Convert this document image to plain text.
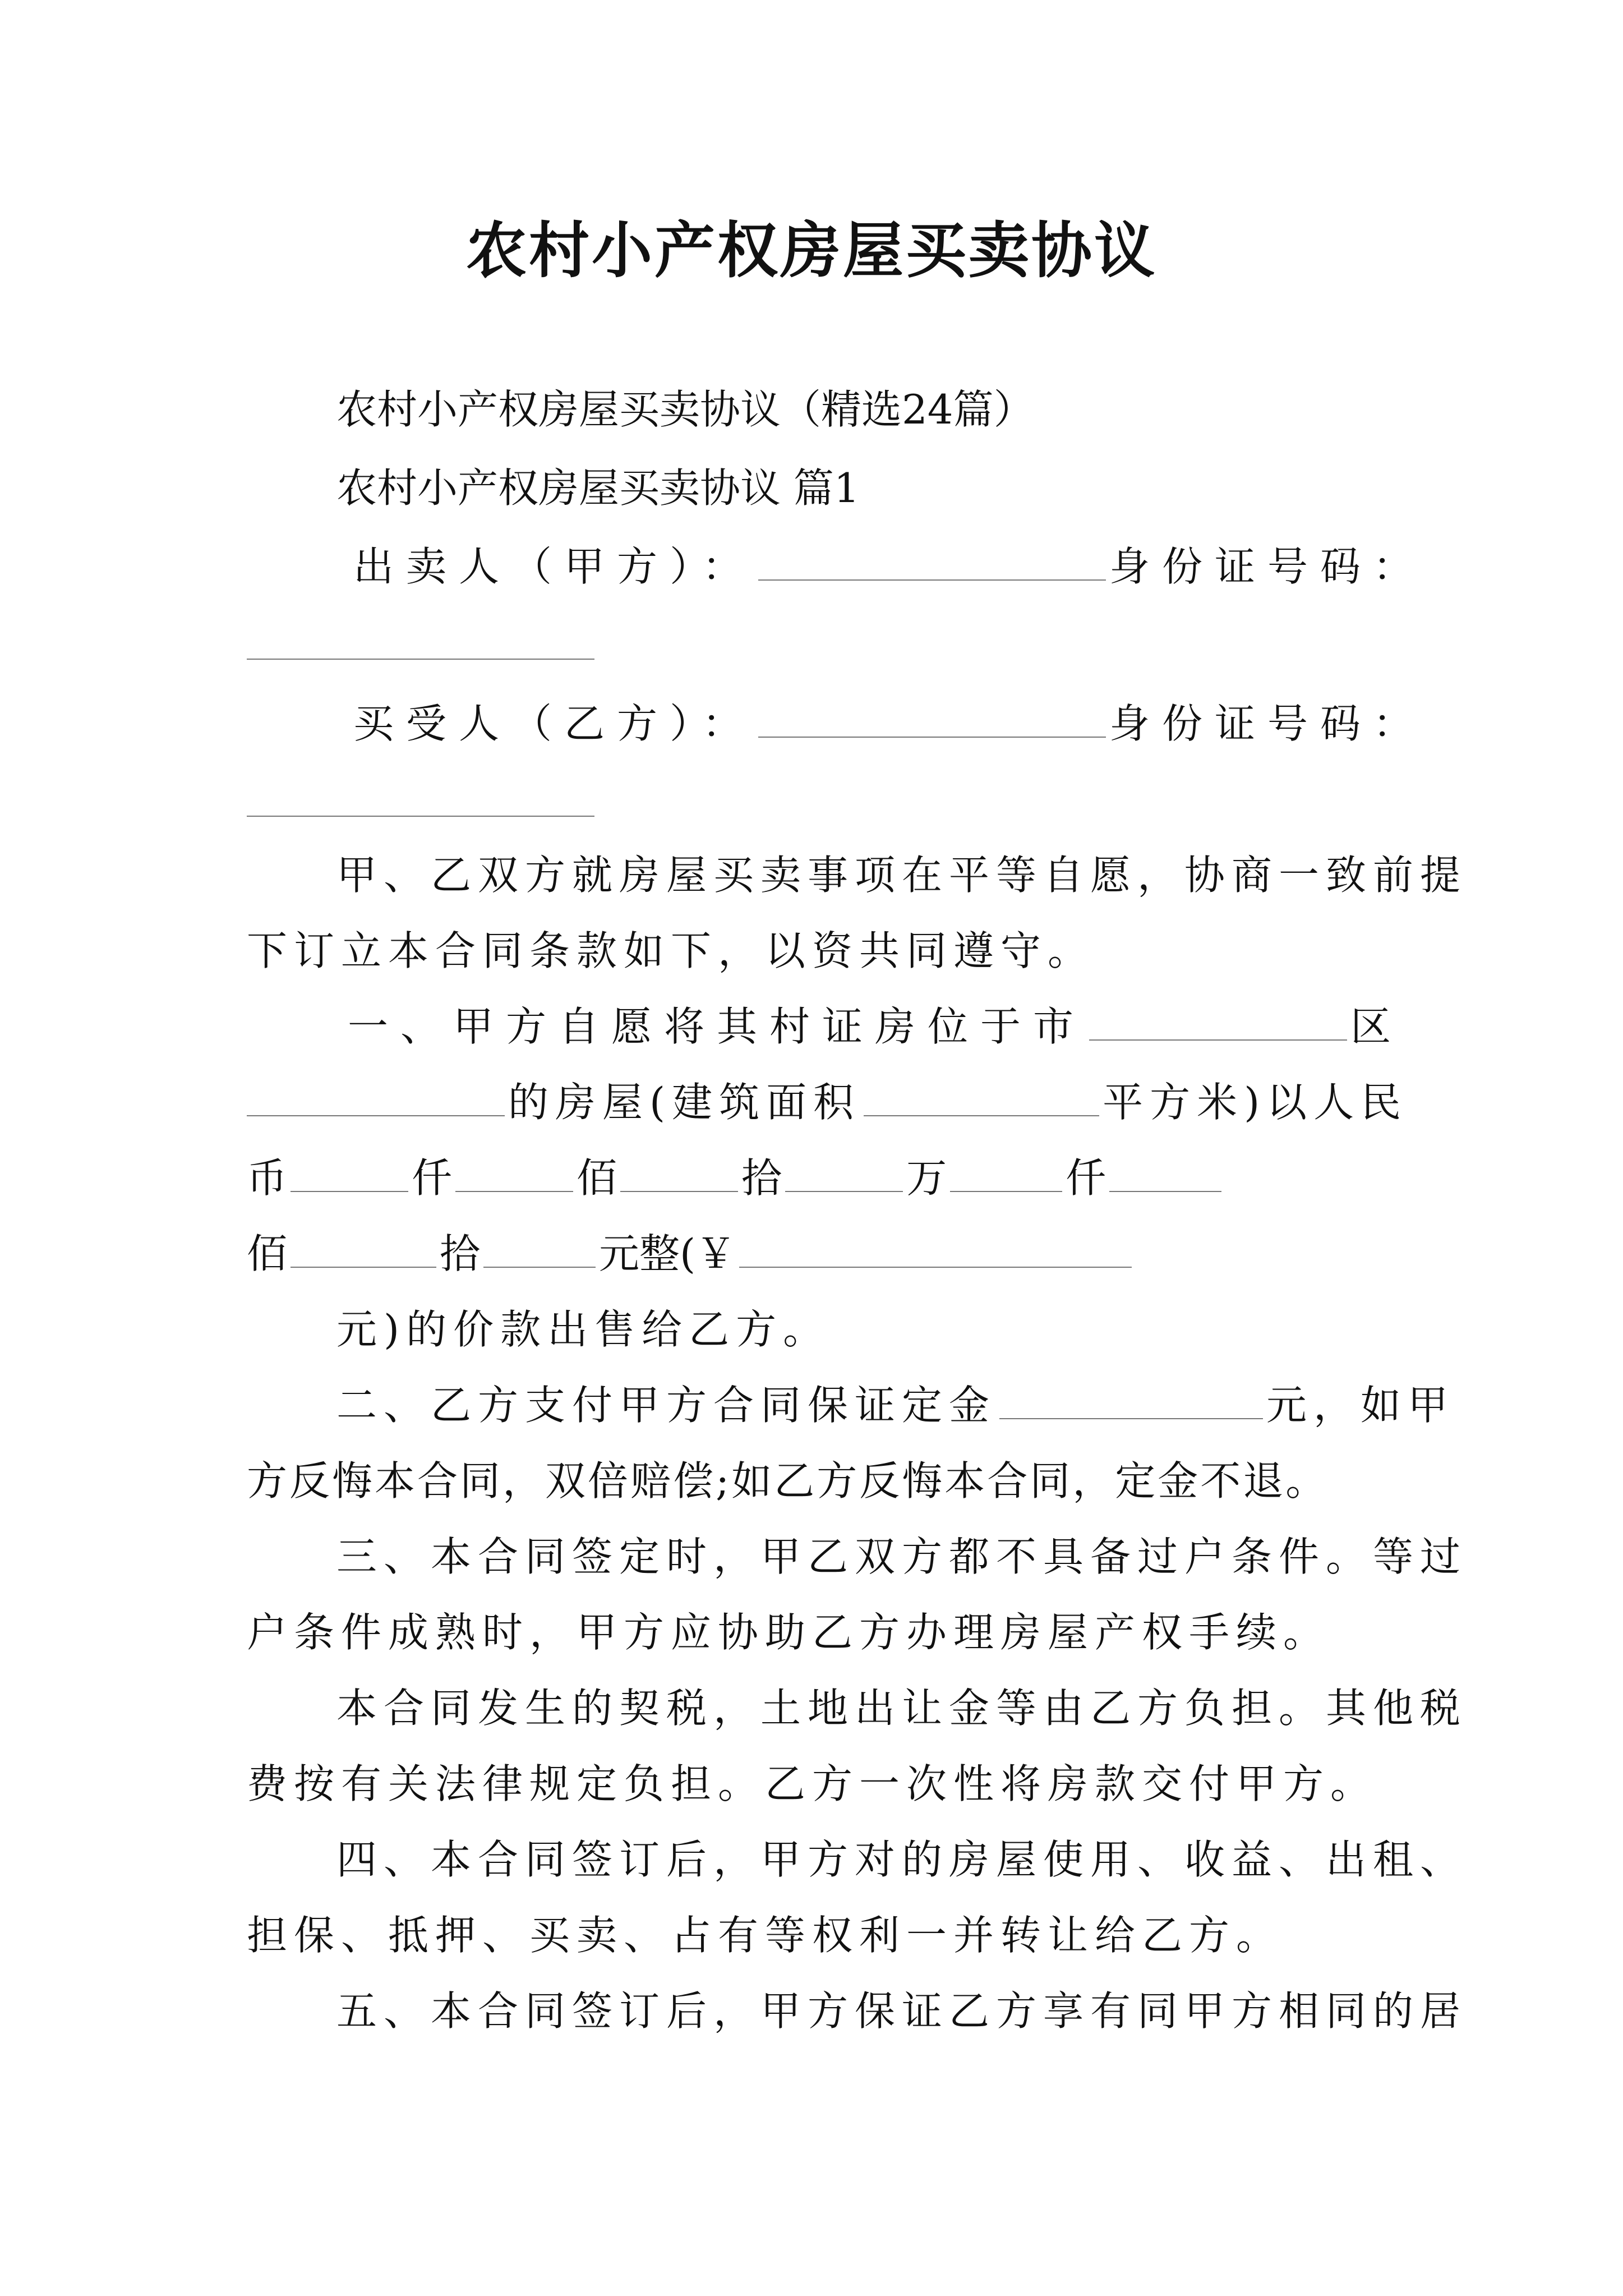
农村小产权房屋买卖协议
农村小产权房屋买卖协议（精选24篇）
农村小产权房屋买卖协议 篇1
出卖人（甲方）：	身份证号码：
买受人（乙方）：	身份证号码：
甲、乙双方就房屋买卖事项在平等自愿，协商一致前提
下订立本合同条款如下，以资共同遵守。
一、甲方自愿将其村证房位于市	区
的房屋(建筑面积	平方米)以人民
币	仟	佰	拾	万	仟
佰	拾	元整(￥
元)的价款出售给乙方。
二、乙方支付甲方合同保证定金	元，如甲
方反悔本合同，双倍赔偿;如乙方反悔本合同，定金不退。
三、本合同签定时，甲乙双方都不具备过户条件。等过
户条件成熟时，甲方应协助乙方办理房屋产权手续。
本合同发生的契税，土地出让金等由乙方负担。其他税
费按有关法律规定负担。乙方一次性将房款交付甲方。
四、本合同签订后，甲方对的房屋使用、收益、出租、
担保、抵押、买卖、占有等权利一并转让给乙方。
五、本合同签订后，甲方保证乙方享有同甲方相同的居
